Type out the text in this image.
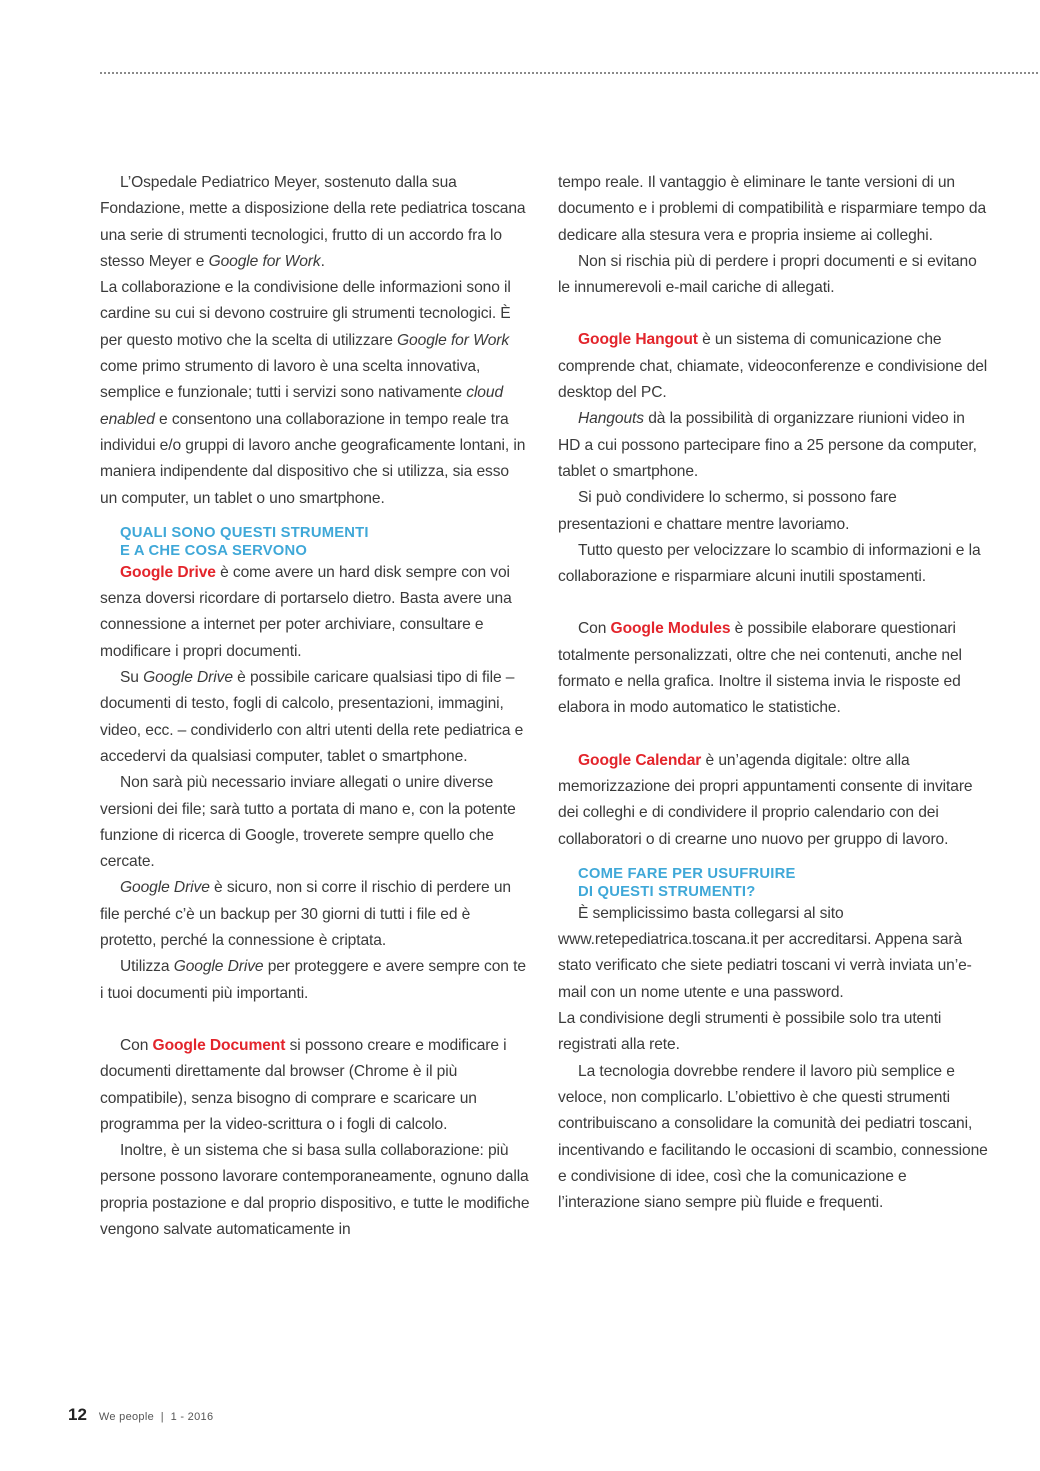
L’Ospedale Pediatrico Meyer, sostenuto dalla sua Fondazione, mette a disposizione della rete pediatrica toscana una serie di strumenti tecnologici, frutto di un accordo fra lo stesso Meyer e Google for Work.

La collaborazione e la condivisione delle informazioni sono il cardine su cui si devono costruire gli strumenti tecnologici. È per questo motivo che la scelta di utilizzare Google for Work come primo strumento di lavoro è una scelta innovativa, semplice e funzionale; tutti i servizi sono nativamente cloud enabled e consentono una collaborazione in tempo reale tra individui e/o gruppi di lavoro anche geograficamente lontani, in maniera indipendente dal dispositivo che si utilizza, sia esso un computer, un tablet o uno smartphone.

QUALI SONO QUESTI STRUMENTI
E A CHE COSA SERVONO

Google Drive è come avere un hard disk sempre con voi senza doversi ricordare di portarselo dietro. Basta avere una connessione a internet per poter archiviare, consultare e modificare i propri documenti.

Su Google Drive è possibile caricare qualsiasi tipo di file – documenti di testo, fogli di calcolo, presentazioni, immagini, video, ecc. – condividerlo con altri utenti della rete pediatrica e accedervi da qualsiasi computer, tablet o smartphone.

Non sarà più necessario inviare allegati o unire diverse versioni dei file; sarà tutto a portata di mano e, con la potente funzione di ricerca di Google, troverete sempre quello che cercate.

Google Drive è sicuro, non si corre il rischio di perdere un file perché c’è un backup per 30 giorni di tutti i file ed è protetto, perché la connessione è criptata.

Utilizza Google Drive per proteggere e avere sempre con te i tuoi documenti più importanti.

Con Google Document si possono creare e modificare i documenti direttamente dal browser (Chrome è il più compatibile), senza bisogno di comprare e scaricare un programma per la video-scrittura o i fogli di calcolo.

Inoltre, è un sistema che si basa sulla collaborazione: più persone possono lavorare contemporaneamente, ognuno dalla propria postazione e dal proprio dispositivo, e tutte le modifiche vengono salvate automaticamente in

tempo reale. Il vantaggio è eliminare le tante versioni di un documento e i problemi di compatibilità e risparmiare tempo da dedicare alla stesura vera e propria insieme ai colleghi.

Non si rischia più di perdere i propri documenti e si evitano le innumerevoli e-mail cariche di allegati.

Google Hangout è un sistema di comunicazione che comprende chat, chiamate, videoconferenze e condivisione del desktop del PC.

Hangouts dà la possibilità di organizzare riunioni video in HD a cui possono partecipare fino a 25 persone da computer, tablet o smartphone.

Si può condividere lo schermo, si possono fare presentazioni e chattare mentre lavoriamo.

Tutto questo per velocizzare lo scambio di informazioni e la collaborazione e risparmiare alcuni inutili spostamenti.

Con Google Modules è possibile elaborare questionari totalmente personalizzati, oltre che nei contenuti, anche nel formato e nella grafica. Inoltre il sistema invia le risposte ed elabora in modo automatico le statistiche.

Google Calendar è un’agenda digitale: oltre alla memorizzazione dei propri appuntamenti consente di invitare dei colleghi e di condividere il proprio calendario con dei collaboratori o di crearne uno nuovo per gruppo di lavoro.

COME FARE PER USUFRUIRE
DI QUESTI STRUMENTI?

È semplicissimo basta collegarsi al sito www.retepediatrica.toscana.it per accreditarsi. Appena sarà stato verificato che siete pediatri toscani vi verrà inviata un’e-mail con un nome utente e una password.

La condivisione degli strumenti è possibile solo tra utenti registrati alla rete.

La tecnologia dovrebbe rendere il lavoro più semplice e veloce, non complicarlo. L’obiettivo è che questi strumenti contribuiscano a consolidare la comunità dei pediatri toscani, incentivando e facilitando le occasioni di scambio, connessione e condivisione di idee, così che la comunicazione e l’interazione siano sempre più fluide e frequenti.

12 We people  |  1 - 2016
